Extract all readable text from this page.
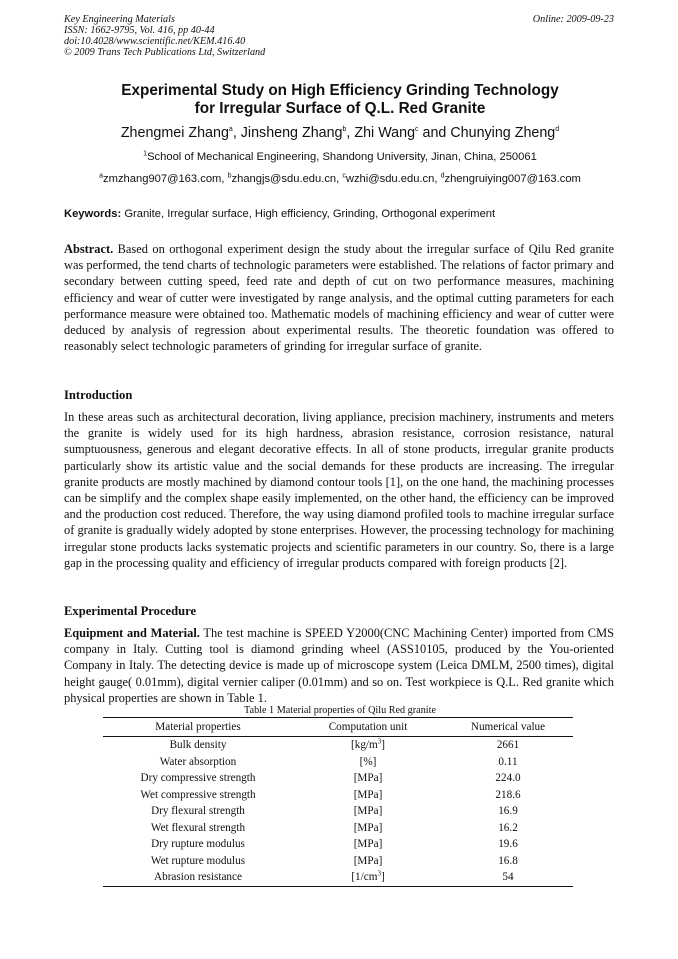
Key Engineering Materials
ISSN: 1662-9795, Vol. 416, pp 40-44
doi:10.4028/www.scientific.net/KEM.416.40
© 2009 Trans Tech Publications Ltd, Switzerland
Online: 2009-09-23
Experimental Study on High Efficiency Grinding Technology
for Irregular Surface of Q.L. Red Granite
Zhengmei Zhang$^a$, Jinsheng Zhang$^b$, Zhi Wang$^c$ and Chunying Zheng$^d$
$^1$School of Mechanical Engineering, Shandong University, Jinan, China, 250061
$^a$zmzhang907@163.com, $^b$zhangjs@sdu.edu.cn, $^c$wzhi@sdu.edu.cn, $^d$zhengruiying007@163.com
Keywords: Granite, Irregular surface, High efficiency, Grinding, Orthogonal experiment
Abstract. Based on orthogonal experiment design the study about the irregular surface of Qilu Red granite was performed, the tend charts of technologic parameters were established. The relations of factor primary and secondary between cutting speed, feed rate and depth of cut on two performance measures, machining efficiency and wear of cutter were investigated by range analysis, and the optimal cutting parameters for each performance measure were obtained too. Mathematic models of machining efficiency and wear of cutter were deduced by analysis of regression about experimental results. The theoretic foundation was offered to reasonably select technologic parameters of grinding for irregular surface of granite.
Introduction
In these areas such as architectural decoration, living appliance, precision machinery, instruments and meters the granite is widely used for its high hardness, abrasion resistance, corrosion resistance, natural sumptuousness, generous and elegant decorative effects. In all of stone products, irregular granite products particularly show its artistic value and the social demands for these products are increasing. The irregular granite products are mostly machined by diamond contour tools [1], on the one hand, the machining processes can be simplify and the complex shape easily implemented, on the other hand, the efficiency can be improved and the production cost reduced. Therefore, the way using diamond profiled tools to machine irregular surface of granite is gradually widely adopted by stone enterprises. However, the processing technology for machining irregular stone products lacks systematic projects and scientific parameters in our country. So, there is a large gap in the processing quality and efficiency of irregular products compared with foreign products [2].
Experimental Procedure
Equipment and Material. The test machine is SPEED Y2000(CNC Machining Center) imported from CMS company in Italy. Cutting tool is diamond grinding wheel (ASS10105, produced by the You-oriented Company in Italy. The detecting device is made up of microscope system (Leica DMLM, 2500 times), digital height gauge( 0.01mm), digital vernier caliper (0.01mm) and so on. Test workpiece is Q.L. Red granite which physical properties are shown in Table 1.
Table 1 Material properties of Qilu Red granite
Material properties	Computation unit	Numerical value
Bulk density	$[kg/m^3]$	2661
Water absorption	[%]	0.11
Dry compressive strength	[MPa]	224.0
Wet compressive strength	[MPa]	218.6
Dry flexural strength	[MPa]	16.9
Wet flexural strength	[MPa]	16.2
Dry rupture modulus	[MPa]	19.6
Wet rupture modulus	[MPa]	16.8
Abrasion resistance	$[1/cm^3]$	54
